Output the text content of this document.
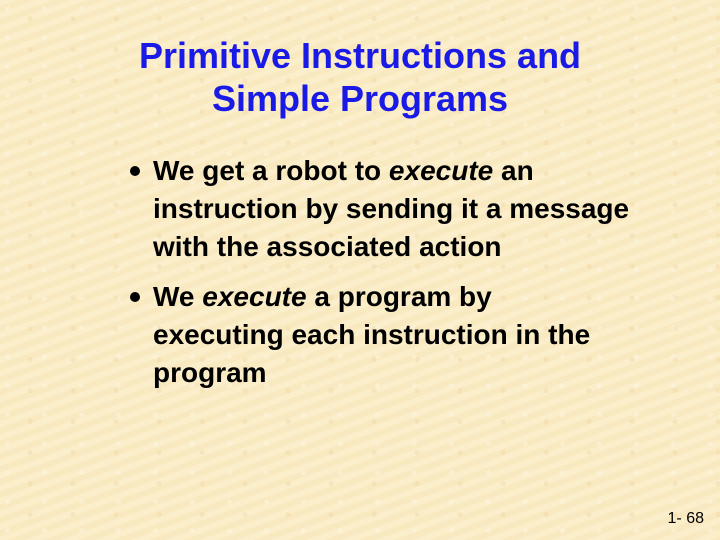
Primitive Instructions and
Simple Programs
We get a robot to execute an instruction by sending it a message with the associated action
We execute a program by executing each instruction in the program
1- 68
